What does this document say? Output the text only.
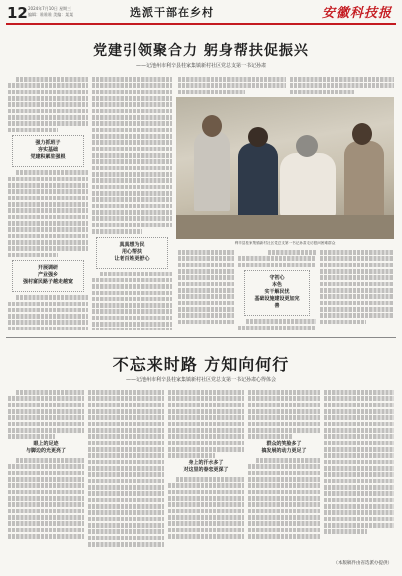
12 2024年7月10日 星期三
编辑：谁谁谁 美编：某某	选派干部在乡村	安徽科技报
党建引领聚合力 躬身帮扶促振兴
——记池州市利辛县桂家集镇新村社区党总支第一书记孙肃
强力抓班子
夯实基础
党建积累驻强根
开展调研
产业强乡
强村富民路子越走越宽
真真想为民
用心帮扶
让老百姓更舒心
利辛县桂家集镇新村社区党总支第一书记孙肃走访慰问困难群众
守初心
本色
实干解民忧
基础设施建设更加完
善
不忘来时路 方知向何行
——记池州市利辛县桂家集镇新村社区党总支第一书记孙肃心得体会
眼上的足迹
与脚边的光更亮了
身上的汗水多了
对这里的眷恋更深了
群众的笑脸多了
搞发展的动力更足了
（本版稿件由省选派办提供）
